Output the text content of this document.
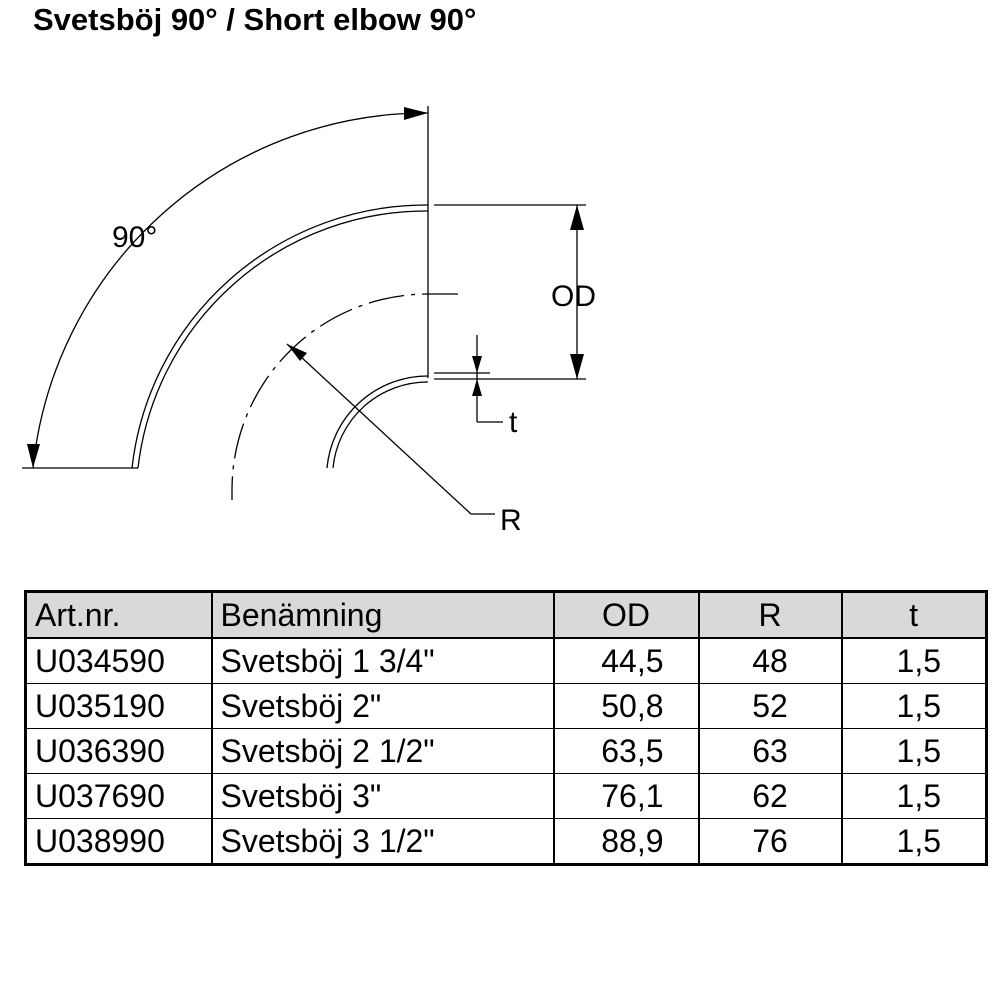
Svetsböj 90° / Short elbow 90°
OD
t
R
90°
Art.nr.	Benämning	OD	R	t
U034590	Svetsböj 1 3/4"	44,5	48	1,5
U035190	Svetsböj 2"	50,8	52	1,5
U036390	Svetsböj 2 1/2"	63,5	63	1,5
U037690	Svetsböj 3"	76,1	62	1,5
U038990	Svetsböj 3 1/2"	88,9	76	1,5
